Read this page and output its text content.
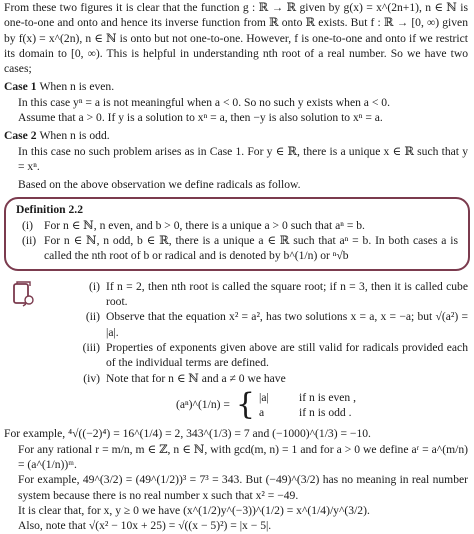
From these two figures it is clear that the function g : ℝ → ℝ given by g(x) = x^(2n+1), n ∈ ℕ is one-to-one and onto and hence its inverse function from ℝ onto ℝ exists. But f : ℝ → [0, ∞) given by f(x) = x^(2n), n ∈ ℕ is onto but not one-to-one. However, f is one-to-one and onto if we restrict its domain to [0, ∞). This is helpful in understanding nth root of a real number. So we have two cases;

Case 1 When n is even.

In this case yⁿ = a is not meaningful when a < 0. So no such y exists when a < 0.

Assume that a > 0. If y is a solution to xⁿ = a, then −y is also solution to xⁿ = a.

Case 2 When n is odd.

In this case no such problem arises as in Case 1. For y ∈ ℝ, there is a unique x ∈ ℝ such that y = xⁿ.

Based on the above observation we define radicals as follow.

Definition 2.2
(i) For n ∈ ℕ, n even, and b > 0, there is a unique a > 0 such that aⁿ = b.
(ii) For n ∈ ℕ, n odd, b ∈ ℝ, there is a unique a ∈ ℝ such that aⁿ = b. In both cases a is called the nth root of b or radical and is denoted by b^(1/n) or ⁿ√b
(i) If n = 2, then nth root is called the square root; if n = 3, then it is called cube root.
(ii) Observe that the equation x² = a², has two solutions x = a, x = −a; but √(a²) = |a|.
(iii) Properties of exponents given above are still valid for radicals provided each of the individual terms are defined.
(iv) Note that for n ∈ ℕ and a ≠ 0 we have
(aⁿ)^(1/n) = { |a|	if n is even ,
a	if n is odd .

For example, ⁴√((−2)⁴) = 16^(1/4) = 2, 343^(1/3) = 7 and (−1000)^(1/3) = −10.

For any rational r = m/n, m ∈ ℤ, n ∈ ℕ, with gcd(m, n) = 1 and for a > 0 we define aʳ = a^(m/n) = (a^(1/n))ᵐ.

For example, 49^(3/2) = (49^(1/2))³ = 7³ = 343. But (−49)^(3/2) has no meaning in real number system because there is no real number x such that x² = −49.

It is clear that, for x, y ≥ 0 we have (x^(1/2)y^(−3))^(1/2) = x^(1/4)/y^(3/2).

Also, note that √(x² − 10x + 25) = √((x − 5)²) = |x − 5|.
